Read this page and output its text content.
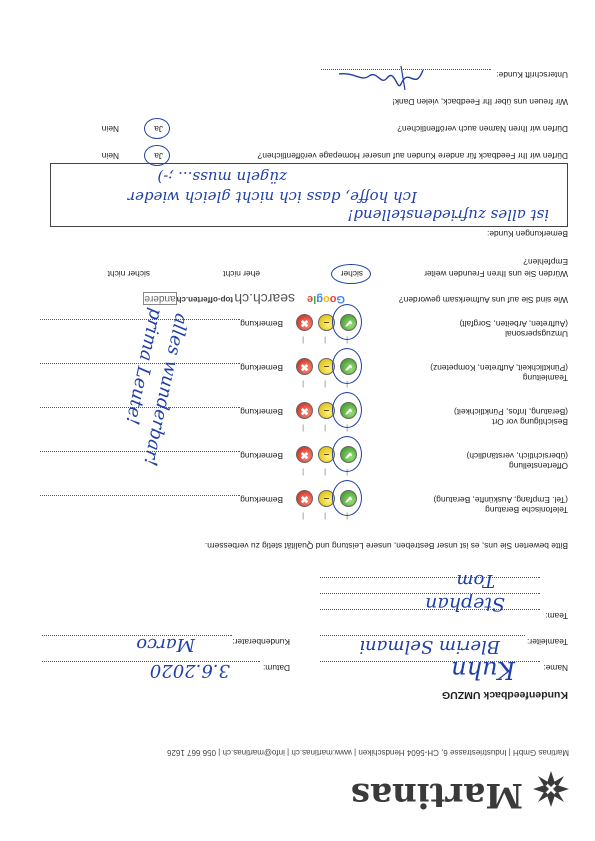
Martinas
Martinas GmbH | Industriestrasse 6, CH-5604 Hendschiken | www.martinas.ch | info@martinas.ch | 056 667 1626
Kundenfeedback UMZUG
Name:
Kuhn
Datum:
3.6.2020
Teamleiter:
Blerim Selmani
Kundenberater:
Marco
Team:
Stephan
Tom
Bitte bewerten Sie uns, es ist unser Bestreben, unsere Leistung und Qualität stetig zu verbessern.
Telefonische Beratung
(Tel. Empfang, Auskünfte, Beratung)
✔
–
✖
|
|
|
Bemerkung
Offertenstellung
(übersichtlich, verständlich)
✔
–
✖
|
|
|
Bemerkung
Besichtigung vor Ort
(Beratung, Infos, Pünktlichkeit)
✔
–
✖
|
|
|
Bemerkung
Teamleitung
(Pünktlichkeit, Auftreten, Kompetenz)
✔
–
✖
|
|
|
Bemerkung
Umzugspersonal
(Auftreten, Arbeiten, Sorgfalt)
✔
–
✖
|
|
|
Bemerkung
alles wunderbar! prima Leute!
Wie sind Sie auf uns Aufmerksam geworden?
Google
search.ch
top-offerten.ch
andere
Würden Sie uns Ihren Freunden weiter
Empfehlen?
sicher
eher nicht
sicher nicht
Bemerkungen Kunde:
ist alles zufriedenstellend!
Ich hoffe, dass ich nicht gleich wieder
zügeln muss... ;-)
Dürfen wir Ihr Feedback für andere Kunden auf unserer Homepage veröffentlichen?
Ja
Nein
Dürfen wir Ihren Namen auch veröffentlichen?
Ja
Nein
Wir freuen uns über Ihr Feedback, vielen Dank!
Unterschrift Kunde:
